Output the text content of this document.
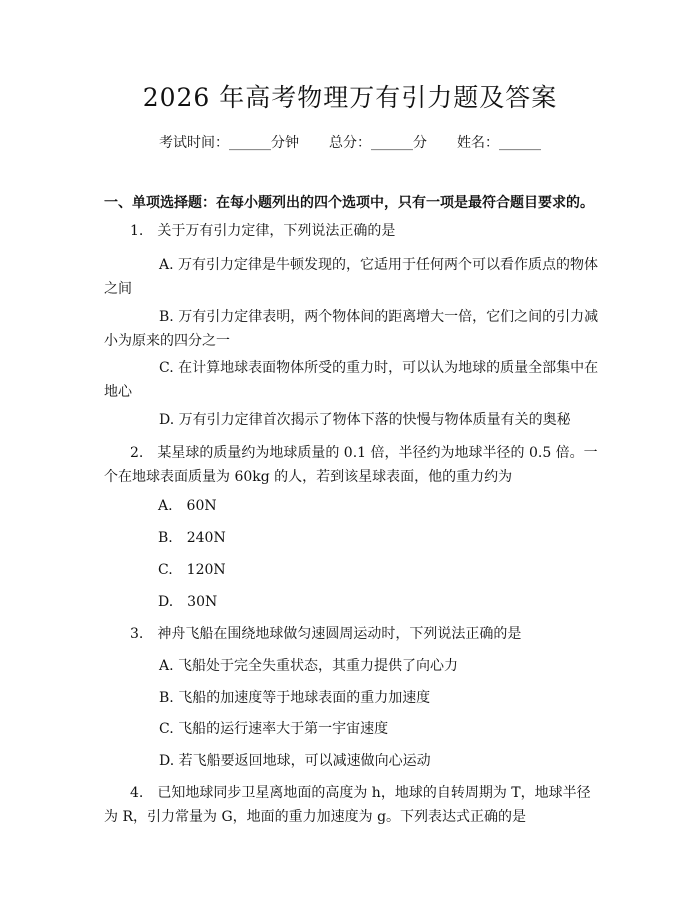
2026 年高考物理万有引力题及答案
考试时间：______分钟 总分：______分 姓名：______
一、单项选择题：在每小题列出的四个选项中，只有一项是最符合题目要求的。
1.　关于万有引力定律，下列说法正确的是
A. 万有引力定律是牛顿发现的，它适用于任何两个可以看作质点的物体之间
B. 万有引力定律表明，两个物体间的距离增大一倍，它们之间的引力减小为原来的四分之一
C. 在计算地球表面物体所受的重力时，可以认为地球的质量全部集中在地心
D. 万有引力定律首次揭示了物体下落的快慢与物体质量有关的奥秘
2.　某星球的质量约为地球质量的 0.1 倍，半径约为地球半径的 0.5 倍。一个在地球表面质量为 60kg 的人，若到该星球表面，他的重力约为
A.　60N
B.　240N
C.　120N
D.　30N
3.　神舟飞船在围绕地球做匀速圆周运动时，下列说法正确的是
A. 飞船处于完全失重状态，其重力提供了向心力
B. 飞船的加速度等于地球表面的重力加速度
C. 飞船的运行速率大于第一宇宙速度
D. 若飞船要返回地球，可以减速做向心运动
4.　已知地球同步卫星离地面的高度为 h，地球的自转周期为 T，地球半径为 R，引力常量为 G，地面的重力加速度为 g。下列表达式正确的是
